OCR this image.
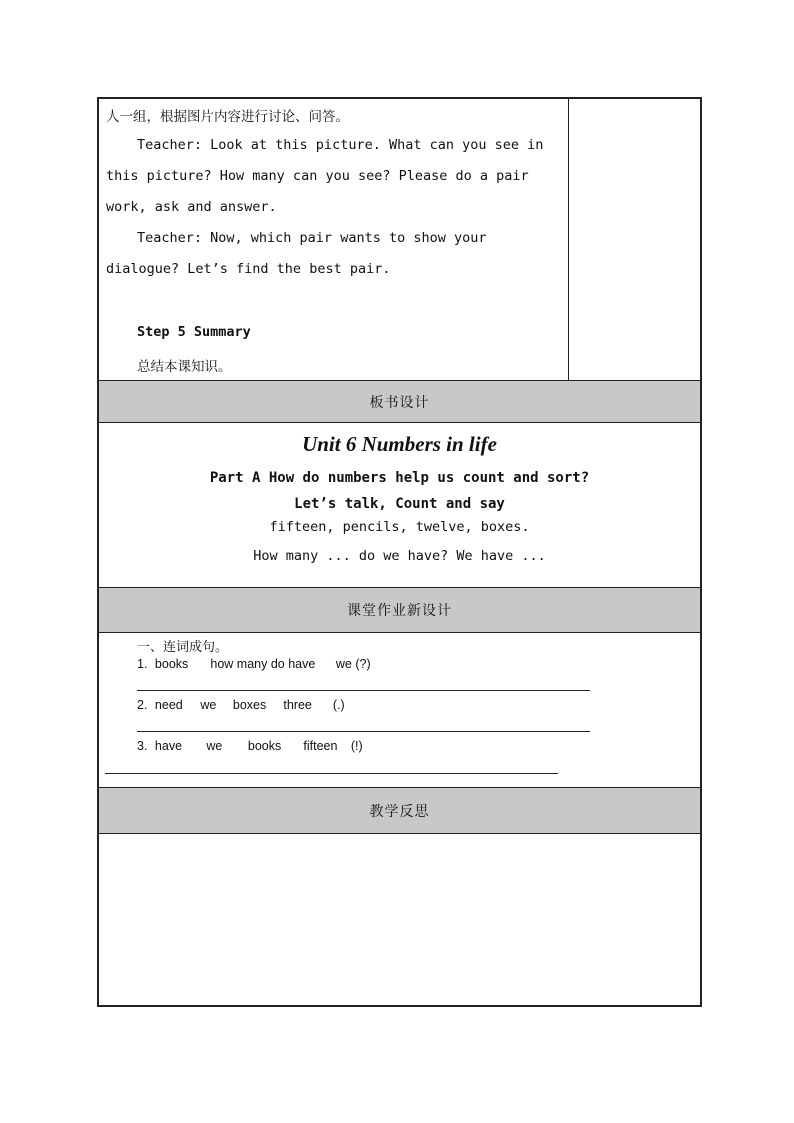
人一组，根据图片内容进行讨论、问答。
Teacher: Look at this picture. What can you see in
this picture? How many can you see? Please do a pair
work, ask and answer.
Teacher: Now, which pair wants to show your
dialogue? Let’s find the best pair.
Step 5 Summary
总结本课知识。
板书设计
Unit 6 Numbers in life
Part A How do numbers help us count and sort?
Let’s talk, Count and say
fifteen, pencils, twelve, boxes.
How many ... do we have? We have ...
课堂作业新设计
一、连词成句。
1. books how many do have we (?)
2. need we boxes three (.)
3. have we books fifteen (!)
教学反思
